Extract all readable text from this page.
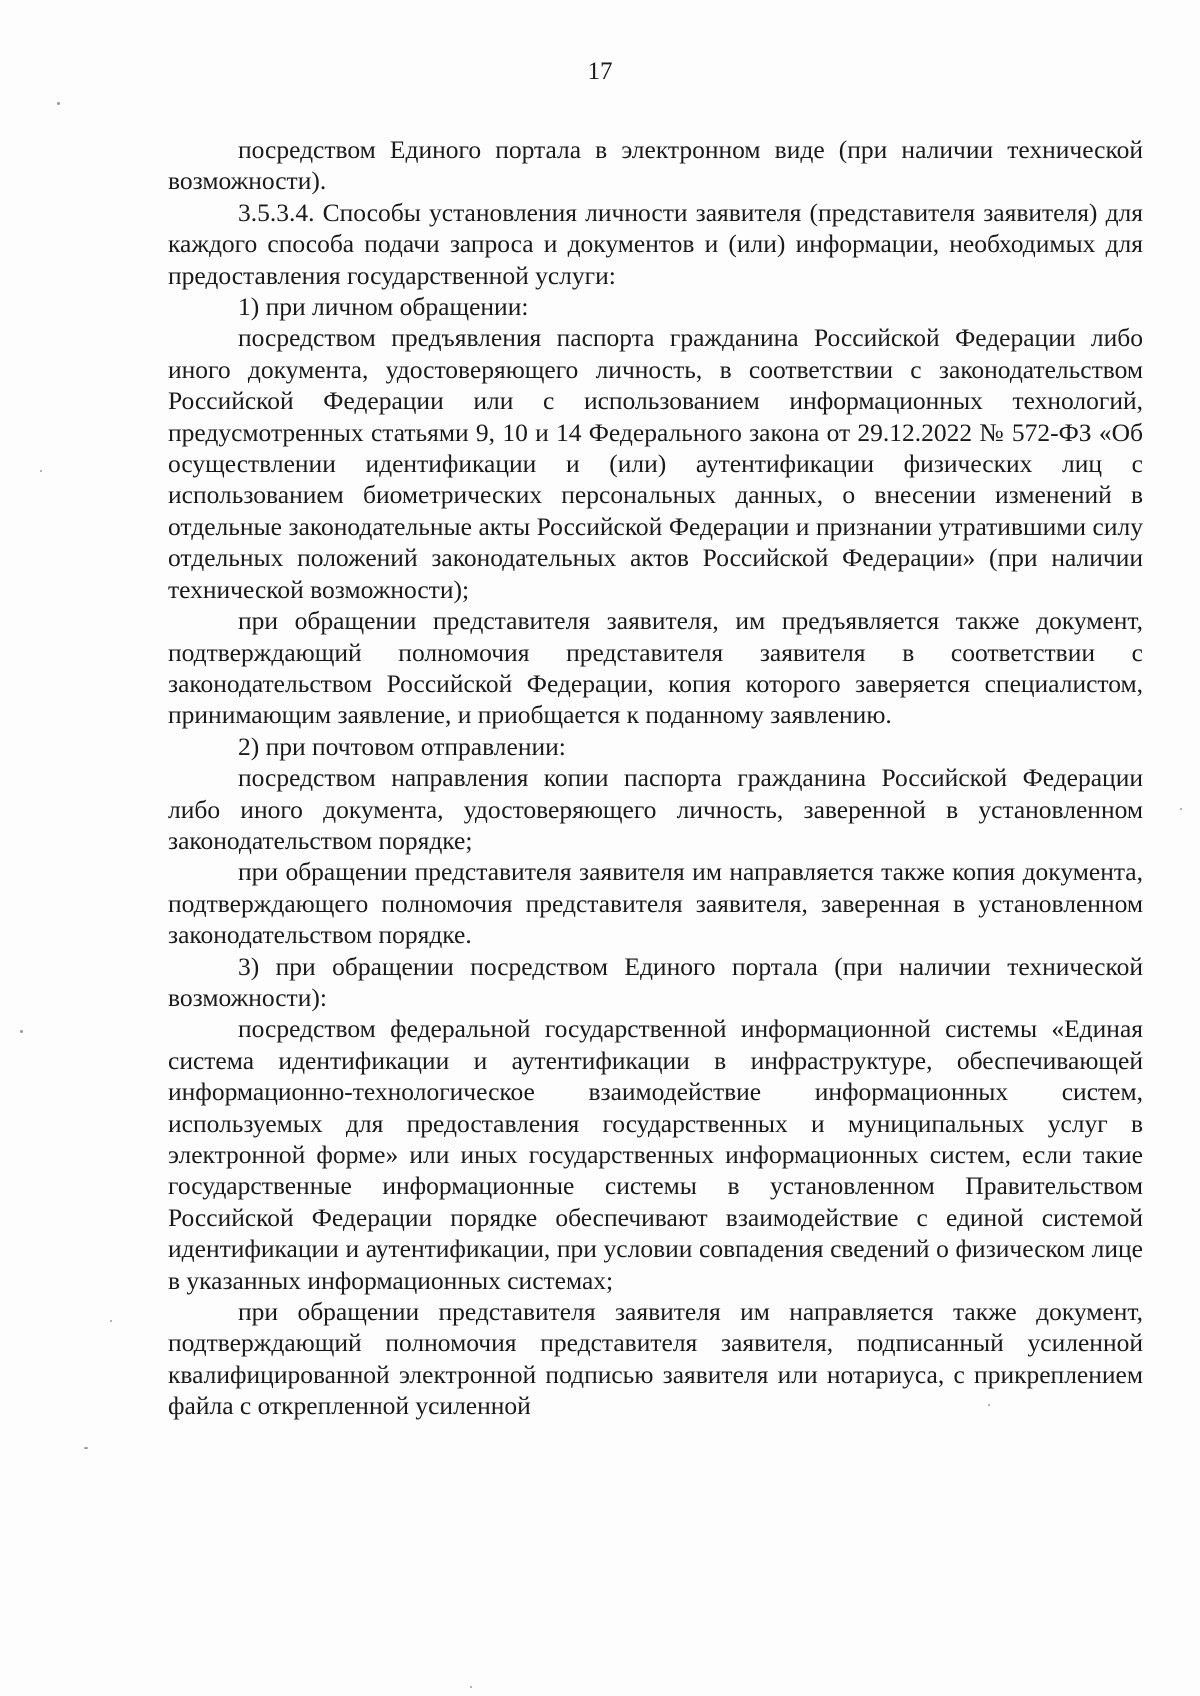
17

посредством Единого портала в электронном виде (при наличии технической возможности).

3.5.3.4. Способы установления личности заявителя (представителя заявителя) для каждого способа подачи запроса и документов и (или) информации, необходимых для предоставления государственной услуги:

1) при личном обращении:

посредством предъявления паспорта гражданина Российской Федерации либо иного документа, удостоверяющего личность, в соответствии с законодательством Российской Федерации или с использованием информационных технологий, предусмотренных статьями 9, 10 и 14 Федерального закона от 29.12.2022 № 572-ФЗ «Об осуществлении идентификации и (или) аутентификации физических лиц с использованием биометрических персональных данных, о внесении изменений в отдельные законодательные акты Российской Федерации и признании утратившими силу отдельных положений законодательных актов Российской Федерации» (при наличии технической возможности);

при обращении представителя заявителя, им предъявляется также документ, подтверждающий полномочия представителя заявителя в соответствии с законодательством Российской Федерации, копия которого заверяется специалистом, принимающим заявление, и приобщается к поданному заявлению.

2) при почтовом отправлении:

посредством направления копии паспорта гражданина Российской Федерации либо иного документа, удостоверяющего личность, заверенной в установленном законодательством порядке;

при обращении представителя заявителя им направляется также копия документа, подтверждающего полномочия представителя заявителя, заверенная в установленном законодательством порядке.

3) при обращении посредством Единого портала (при наличии технической возможности):

посредством федеральной государственной информационной системы «Единая система идентификации и аутентификации в инфраструктуре, обеспечивающей информационно-технологическое взаимодействие информационных систем, используемых для предоставления государственных и муниципальных услуг в электронной форме» или иных государственных информационных систем, если такие государственные информационные системы в установленном Правительством Российской Федерации порядке обеспечивают взаимодействие с единой системой идентификации и аутентификации, при условии совпадения сведений о физическом лице в указанных информационных системах;

при обращении представителя заявителя им направляется также документ, подтверждающий полномочия представителя заявителя, подписанный усиленной квалифицированной электронной подписью заявителя или нотариуса, с прикреплением файла с открепленной усиленной
